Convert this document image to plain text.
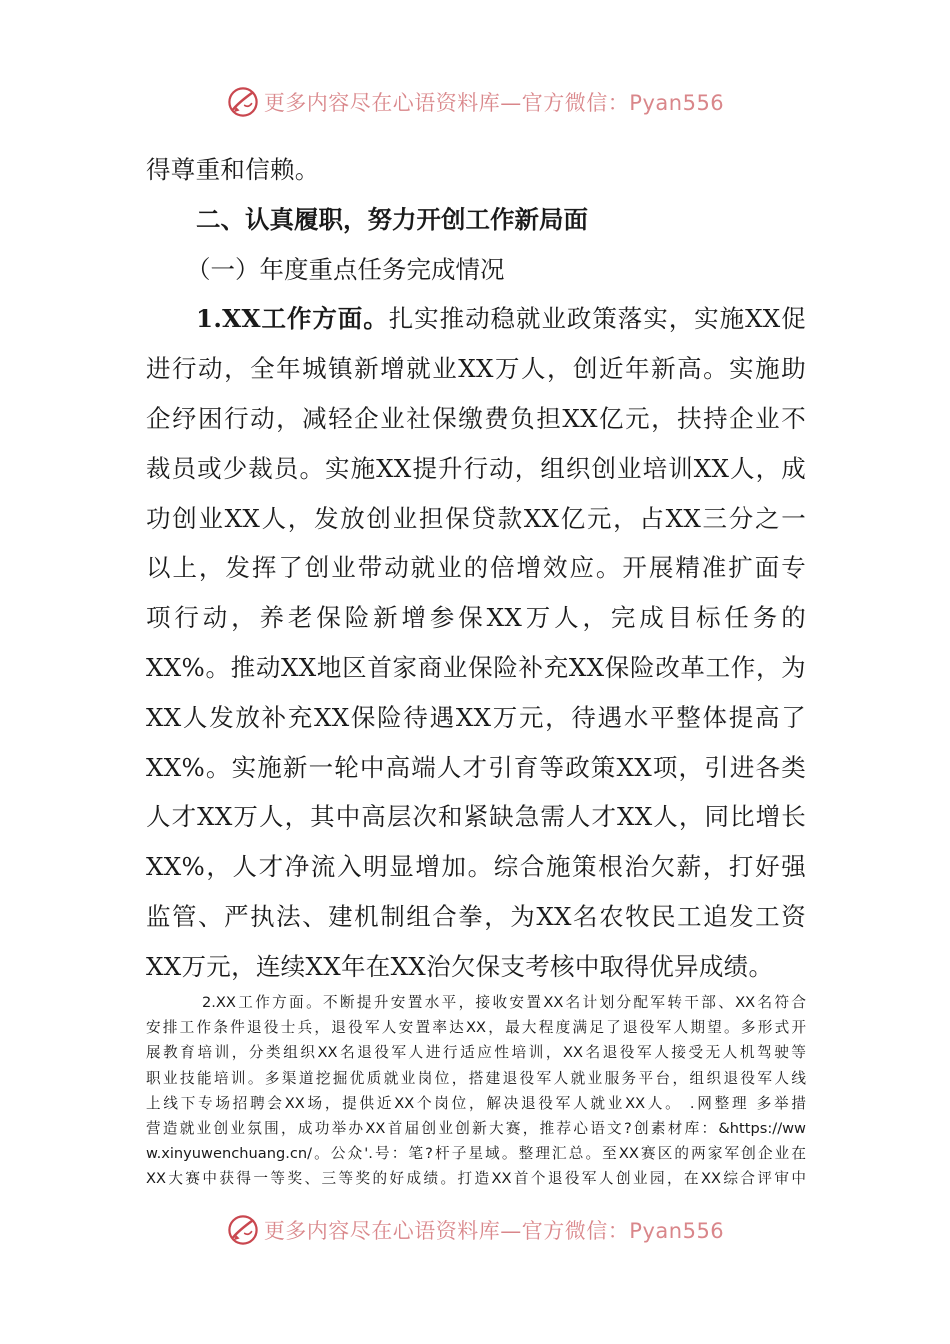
更多内容尽在心语资料库—官方微信：Pyan556
得尊重和信赖。
二、认真履职，努力开创工作新局面
（一）年度重点任务完成情况
1.XX工作方面。扎实推动稳就业政策落实，实施XX促
进行动，全年城镇新增就业XX万人，创近年新高。实施助
企纾困行动，减轻企业社保缴费负担XX亿元，扶持企业不
裁员或少裁员。实施XX提升行动，组织创业培训XX人，成
功创业XX人，发放创业担保贷款XX亿元，占XX三分之一
以上，发挥了创业带动就业的倍增效应。开展精准扩面专
项行动，养老保险新增参保XX万人，完成目标任务的
XX%。推动XX地区首家商业保险补充XX保险改革工作，为
XX人发放补充XX保险待遇XX万元，待遇水平整体提高了
XX%。实施新一轮中高端人才引育等政策XX项，引进各类
人才XX万人，其中高层次和紧缺急需人才XX人，同比增长
XX%，人才净流入明显增加。综合施策根治欠薪，打好强
监管、严执法、建机制组合拳，为XX名农牧民工追发工资
XX万元，连续XX年在XX治欠保支考核中取得优异成绩。
2.XX工作方面。不断提升安置水平，接收安置XX名计划分配军转干部、XX名符合
安排工作条件退役士兵，退役军人安置率达XX，最大程度满足了退役军人期望。多形式开
展教育培训，分类组织XX名退役军人进行适应性培训，XX名退役军人接受无人机驾驶等
职业技能培训。多渠道挖掘优质就业岗位，搭建退役军人就业服务平台，组织退役军人线
上线下专场招聘会XX场，提供近XX个岗位，解决退役军人就业XX人。 .网整理 多举措
营造就业创业氛围，成功举办XX首届创业创新大赛，推荐心语文?创素材库：&https://ww
w.xinyuwenchuang.cn/。公众'.号：笔?杆子星域。整理汇总。至XX赛区的两家军创企业在
XX大赛中获得一等奖、三等奖的好成绩。打造XX首个退役军人创业园，在XX综合评审中
更多内容尽在心语资料库—官方微信：Pyan556
